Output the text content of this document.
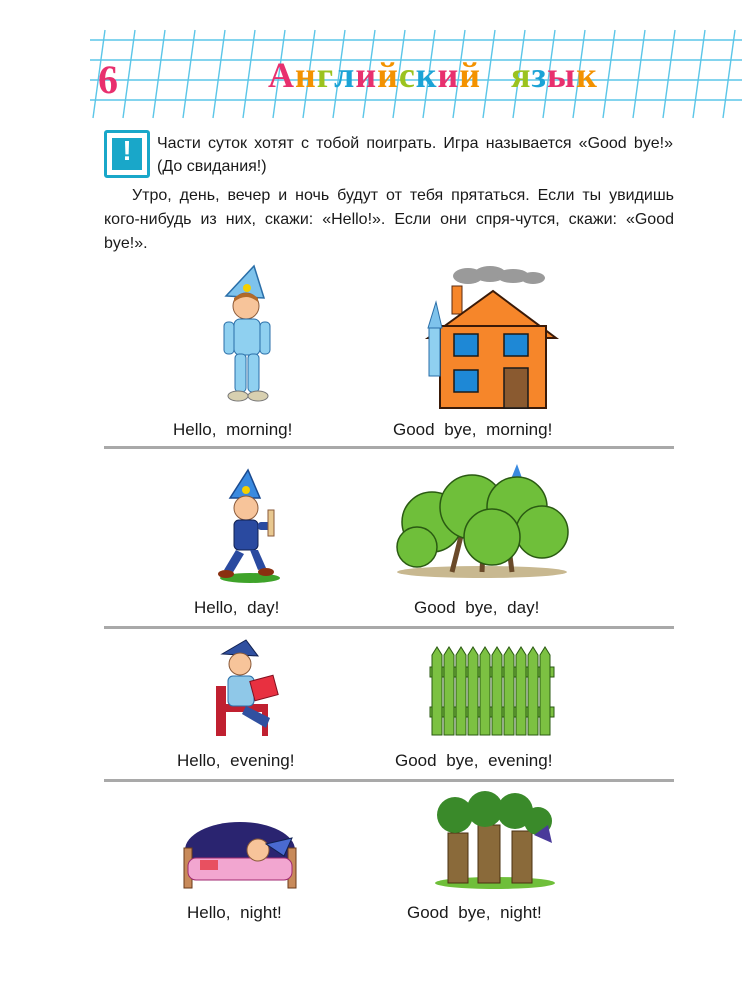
6	Английский язык
!	Части суток хотят с тобой поиграть. Игра называется «Good bye!» (До свидания!)
Утро, день, вечер и ночь будут от тебя прятаться. Если ты увидишь кого-нибудь из них, скажи: «Hello!». Если они спря-чутся, скажи: «Good bye!».
Hello, morning!	Good bye, morning!
Hello, day!	Good bye, day!
Hello, evening!	Good bye, evening!
Hello, night!	Good bye, night!
